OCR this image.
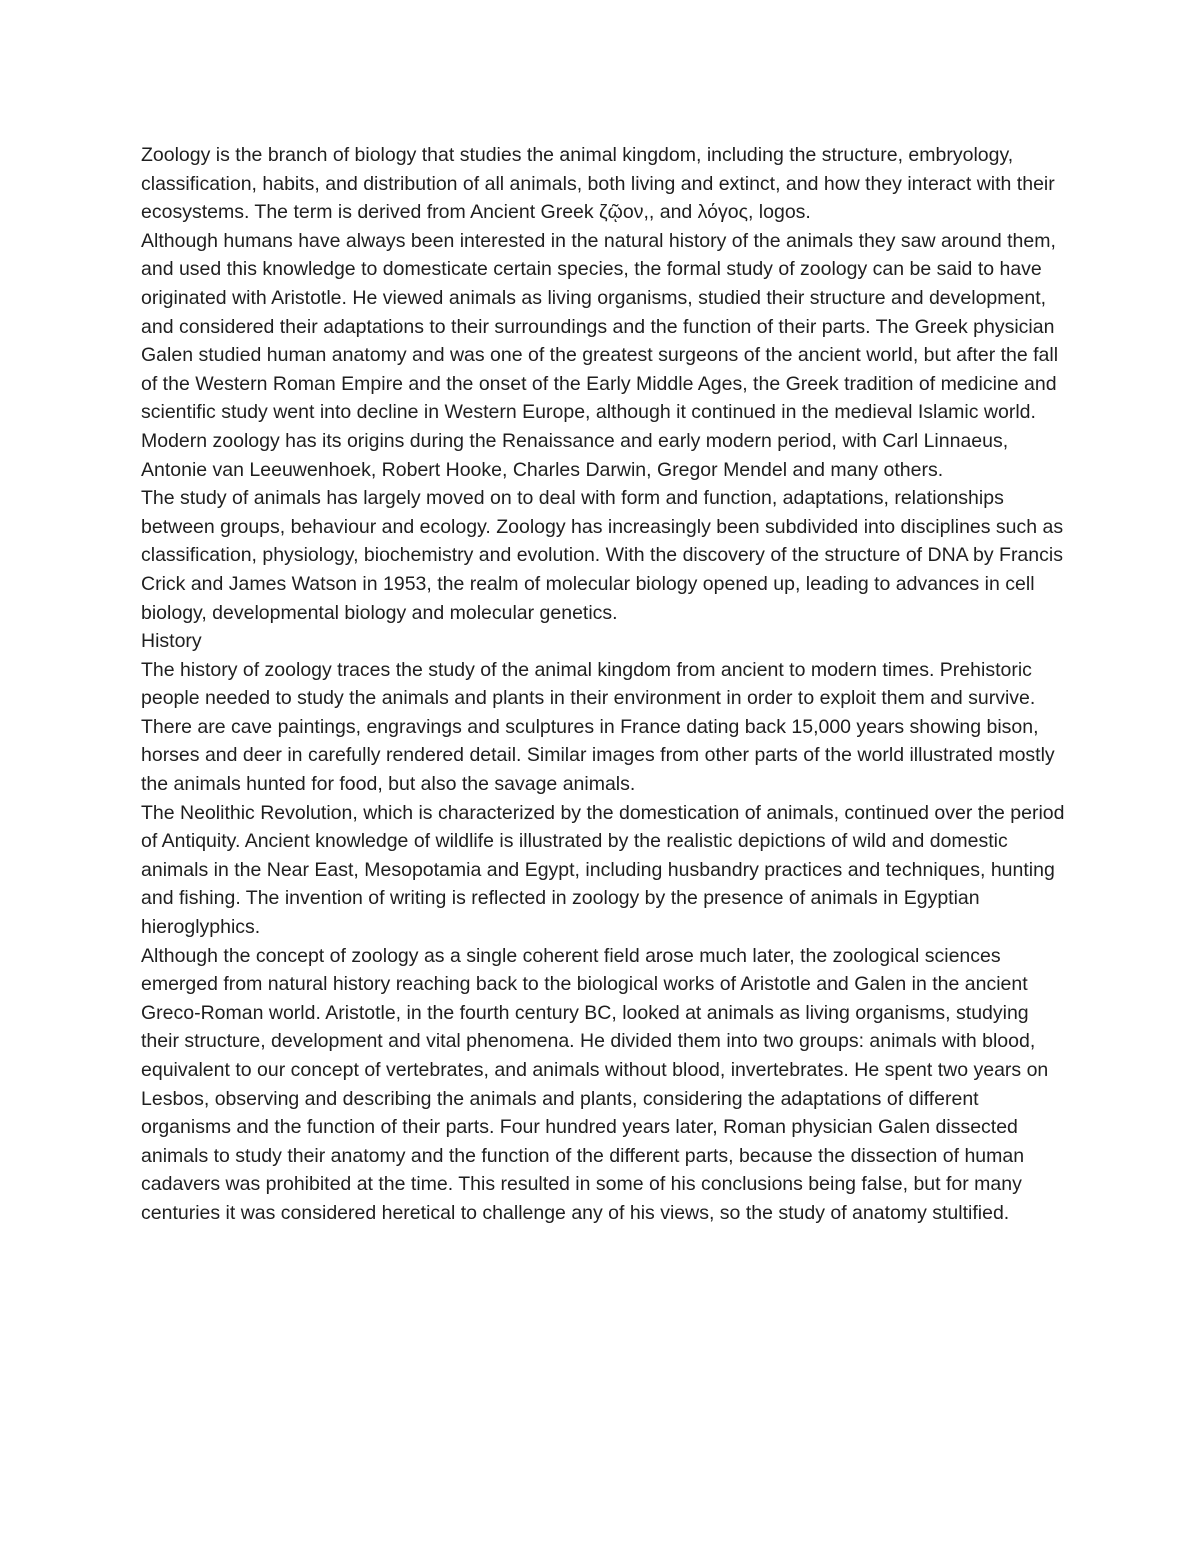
Zoology is the branch of biology that studies the animal kingdom, including the structure, embryology, classification, habits, and distribution of all animals, both living and extinct, and how they interact with their ecosystems. The term is derived from Ancient Greek ζῷον,, and λόγος, logos.

Although humans have always been interested in the natural history of the animals they saw around them, and used this knowledge to domesticate certain species, the formal study of zoology can be said to have originated with Aristotle. He viewed animals as living organisms, studied their structure and development, and considered their adaptations to their surroundings and the function of their parts. The Greek physician Galen studied human anatomy and was one of the greatest surgeons of the ancient world, but after the fall of the Western Roman Empire and the onset of the Early Middle Ages, the Greek tradition of medicine and scientific study went into decline in Western Europe, although it continued in the medieval Islamic world. Modern zoology has its origins during the Renaissance and early modern period, with Carl Linnaeus, Antonie van Leeuwenhoek, Robert Hooke, Charles Darwin, Gregor Mendel and many others.

The study of animals has largely moved on to deal with form and function, adaptations, relationships between groups, behaviour and ecology. Zoology has increasingly been subdivided into disciplines such as classification, physiology, biochemistry and evolution. With the discovery of the structure of DNA by Francis Crick and James Watson in 1953, the realm of molecular biology opened up, leading to advances in cell biology, developmental biology and molecular genetics.

History

The history of zoology traces the study of the animal kingdom from ancient to modern times. Prehistoric people needed to study the animals and plants in their environment in order to exploit them and survive. There are cave paintings, engravings and sculptures in France dating back 15,000 years showing bison, horses and deer in carefully rendered detail. Similar images from other parts of the world illustrated mostly the animals hunted for food, but also the savage animals.

The Neolithic Revolution, which is characterized by the domestication of animals, continued over the period of Antiquity. Ancient knowledge of wildlife is illustrated by the realistic depictions of wild and domestic animals in the Near East, Mesopotamia and Egypt, including husbandry practices and techniques, hunting and fishing. The invention of writing is reflected in zoology by the presence of animals in Egyptian hieroglyphics.

Although the concept of zoology as a single coherent field arose much later, the zoological sciences emerged from natural history reaching back to the biological works of Aristotle and Galen in the ancient Greco-Roman world. Aristotle, in the fourth century BC, looked at animals as living organisms, studying their structure, development and vital phenomena. He divided them into two groups: animals with blood, equivalent to our concept of vertebrates, and animals without blood, invertebrates. He spent two years on Lesbos, observing and describing the animals and plants, considering the adaptations of different organisms and the function of their parts. Four hundred years later, Roman physician Galen dissected animals to study their anatomy and the function of the different parts, because the dissection of human cadavers was prohibited at the time. This resulted in some of his conclusions being false, but for many centuries it was considered heretical to challenge any of his views, so the study of anatomy stultified.
